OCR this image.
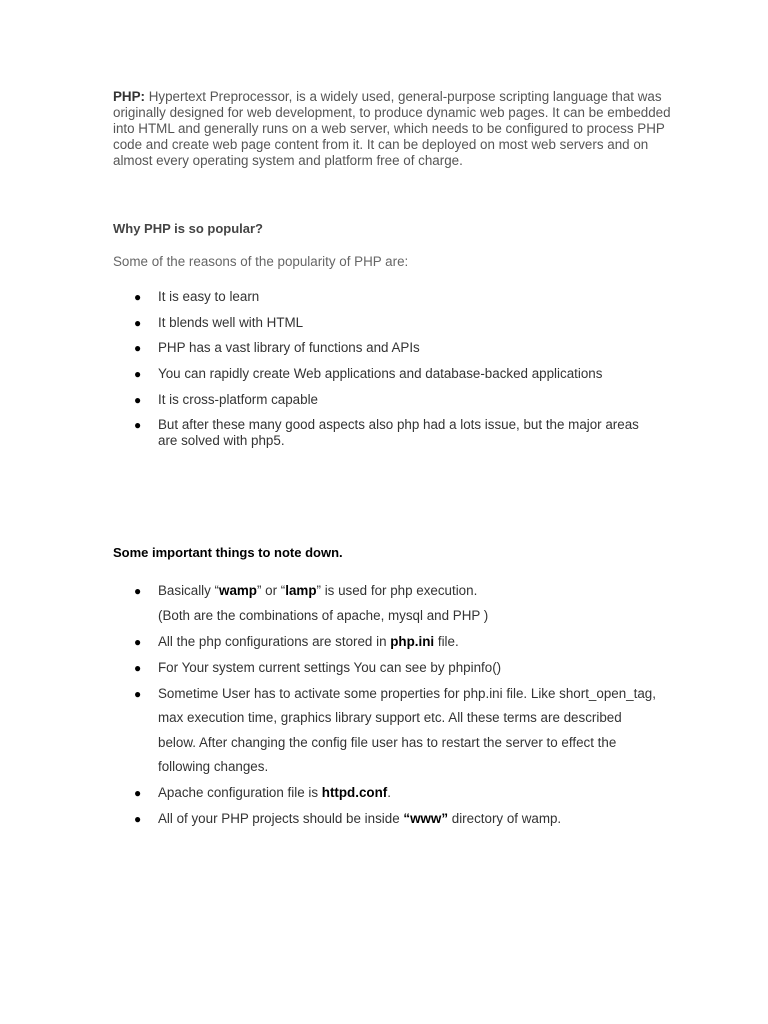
PHP: Hypertext Preprocessor, is a widely used, general-purpose scripting language that was originally designed for web development, to produce dynamic web pages. It can be embedded into HTML and generally runs on a web server, which needs to be configured to process PHP code and create web page content from it. It can be deployed on most web servers and on almost every operating system and platform free of charge.

Why PHP is so popular?

Some of the reasons of the popularity of PHP are:

● It is easy to learn
● It blends well with HTML
● PHP has a vast library of functions and APIs
● You can rapidly create Web applications and database-backed applications
● It is cross-platform capable
● But after these many good aspects also php had a lots issue, but the major areas are solved with php5.
Some important things to note down.
● Basically “wamp” or “lamp” is used for php execution.
(Both are the combinations of apache, mysql and PHP )
● All the php configurations are stored in php.ini file.
● For Your system current settings You can see by phpinfo()
● Sometime User has to activate some properties for php.ini file. Like short_open_tag, max execution time, graphics library support etc. All these terms are described below. After changing the config file user has to restart the server to effect the following changes.
● Apache configuration file is httpd.conf.
● All of your PHP projects should be inside “www” directory of wamp.
